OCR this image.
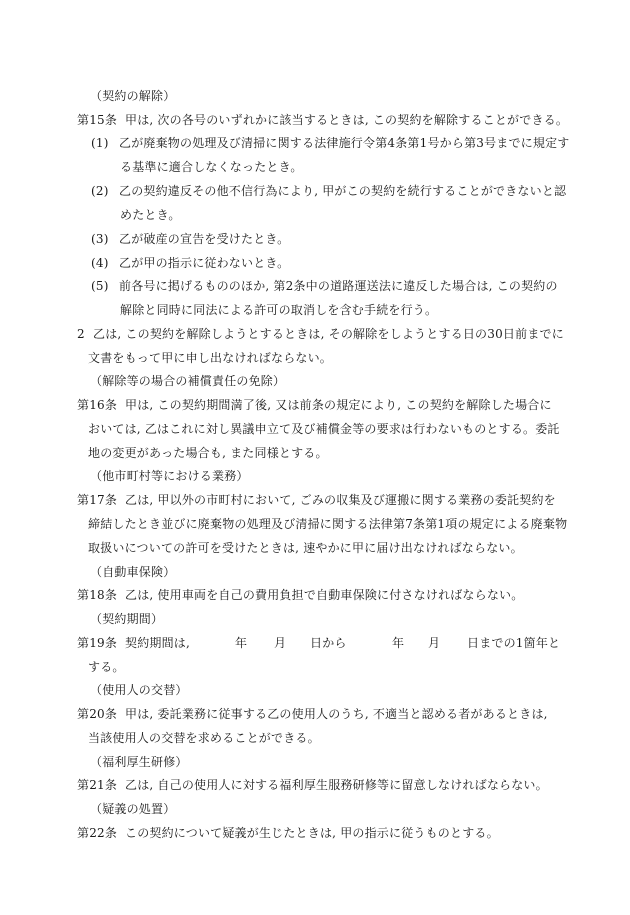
（契約の解除）
第15条 甲は, 次の各号のいずれかに該当するときは, この契約を解除することができる。
(1) 乙が廃棄物の処理及び清掃に関する法律施行令第4条第1号から第3号までに規定す
る基準に適合しなくなったとき。
(2) 乙の契約違反その他不信行為により, 甲がこの契約を続行することができないと認
めたとき。
(3) 乙が破産の宣告を受けたとき。
(4) 乙が甲の指示に従わないとき。
(5) 前各号に掲げるもののほか, 第2条中の道路運送法に違反した場合は, この契約の
解除と同時に同法による許可の取消しを含む手続を行う。
2 乙は, この契約を解除しようとするときは, その解除をしようとする日の30日前までに
文書をもって甲に申し出なければならない。
（解除等の場合の補償責任の免除）
第16条 甲は, この契約期間満了後, 又は前条の規定により, この契約を解除した場合に
おいては, 乙はこれに対し異議申立て及び補償金等の要求は行わないものとする。委託
地の変更があった場合も, また同様とする。
（他市町村等における業務）
第17条 乙は, 甲以外の市町村において, ごみの収集及び運搬に関する業務の委託契約を
締結したとき並びに廃棄物の処理及び清掃に関する法律第7条第1項の規定による廃棄物
取扱いについての許可を受けたときは, 速やかに甲に届け出なければならない。
（自動車保険）
第18条 乙は, 使用車両を自己の費用負担で自動車保険に付さなければならない。
（契約期間）
第19条 契約期間は,	年 月 日から	年 月 日までの1箇年と
する。
（使用人の交替）
第20条 甲は, 委託業務に従事する乙の使用人のうち, 不適当と認める者があるときは,
当該使用人の交替を求めることができる。
（福利厚生研修）
第21条 乙は, 自己の使用人に対する福利厚生服務研修等に留意しなければならない。
（疑義の処置）
第22条 この契約について疑義が生じたときは, 甲の指示に従うものとする。
